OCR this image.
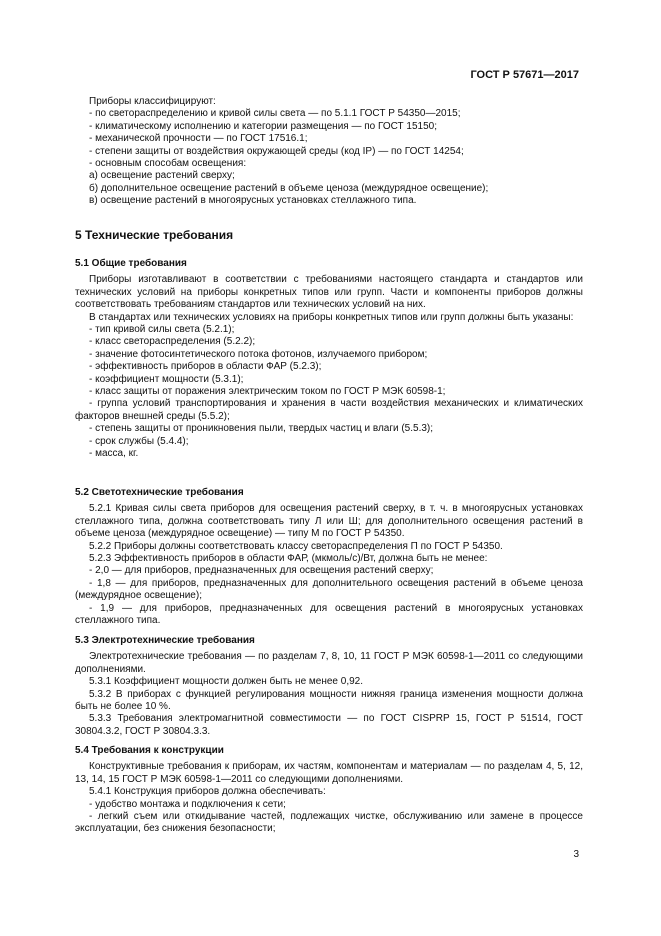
ГОСТ Р 57671—2017

Приборы классифицируют:

- по светораспределению и кривой силы света — по 5.1.1 ГОСТ Р 54350—2015;

- климатическому исполнению и категории размещения — по ГОСТ 15150;

- механической прочности — по ГОСТ 17516.1;

- степени защиты от воздействия окружающей среды (код IP) — по ГОСТ 14254;

- основным способам освещения:

а) освещение растений сверху;

б) дополнительное освещение растений в объеме ценоза (междурядное освещение);

в) освещение растений в многоярусных установках стеллажного типа.

5 Технические требования

5.1 Общие требования

Приборы изготавливают в соответствии с требованиями настоящего стандарта и стандартов или технических условий на приборы конкретных типов или групп. Части и компоненты приборов должны соответствовать требованиям стандартов или технических условий на них.

В стандартах или технических условиях на приборы конкретных типов или групп должны быть указаны:

- тип кривой силы света (5.2.1);

- класс светораспределения (5.2.2);

- значение фотосинтетического потока фотонов, излучаемого прибором;

- эффективность приборов в области ФАР (5.2.3);

- коэффициент мощности (5.3.1);

- класс защиты от поражения электрическим током по ГОСТ Р МЭК 60598-1;

- группа условий транспортирования и хранения в части воздействия механических и климатических факторов внешней среды (5.5.2);

- степень защиты от проникновения пыли, твердых частиц и влаги (5.5.3);

- срок службы (5.4.4);

- масса, кг.

5.2 Светотехнические требования

5.2.1 Кривая силы света приборов для освещения растений сверху, в т. ч. в многоярусных установках стеллажного типа, должна соответствовать типу Л или Ш; для дополнительного освещения растений в объеме ценоза (междурядное освещение) — типу М по ГОСТ Р 54350.

5.2.2 Приборы должны соответствовать классу светораспределения П по ГОСТ Р 54350.

5.2.3 Эффективность приборов в области ФАР, (мкмоль/с)/Вт, должна быть не менее:

- 2,0 — для приборов, предназначенных для освещения растений сверху;

- 1,8 — для приборов, предназначенных для дополнительного освещения растений в объеме ценоза (междурядное освещение);

- 1,9 — для приборов, предназначенных для освещения растений в многоярусных установках стеллажного типа.

5.3 Электротехнические требования

Электротехнические требования — по разделам 7, 8, 10, 11 ГОСТ Р МЭК 60598-1—2011 со следующими дополнениями.

5.3.1 Коэффициент мощности должен быть не менее 0,92.

5.3.2 В приборах с функцией регулирования мощности нижняя граница изменения мощности должна быть не более 10 %.

5.3.3 Требования электромагнитной совместимости — по ГОСТ CISPRP 15, ГОСТ Р 51514, ГОСТ 30804.3.2, ГОСТ Р 30804.3.3.

5.4 Требования к конструкции

Конструктивные требования к приборам, их частям, компонентам и материалам — по разделам 4, 5, 12, 13, 14, 15 ГОСТ Р МЭК 60598-1—2011 со следующими дополнениями.

5.4.1 Конструкция приборов должна обеспечивать:

- удобство монтажа и подключения к сети;

- легкий съем или откидывание частей, подлежащих чистке, обслуживанию или замене в процессе эксплуатации, без снижения безопасности;

3
